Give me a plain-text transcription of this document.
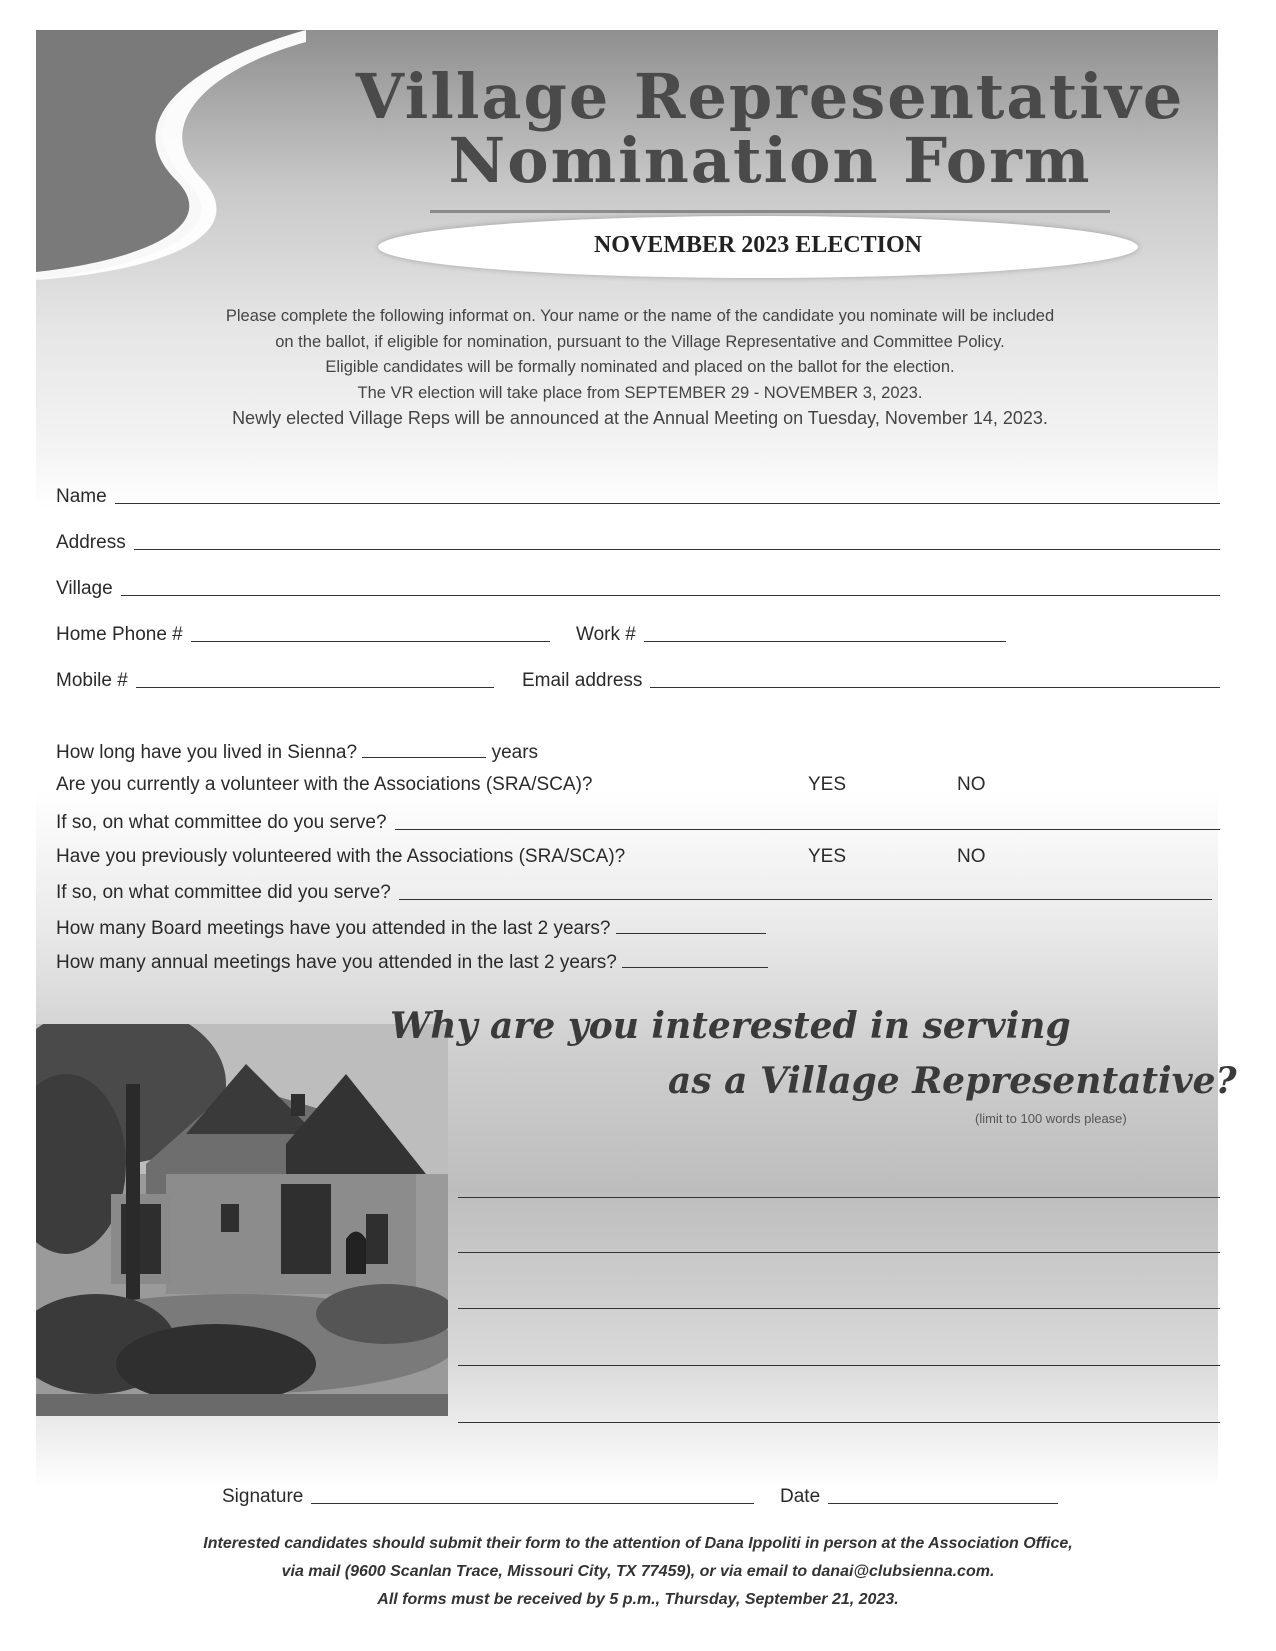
Village Representative
Nomination Form
NOVEMBER 2023 ELECTION
Please complete the following informat on. Your name or the name of the candidate you nominate will be included
on the ballot, if eligible for nomination, pursuant to the Village Representative and Committee Policy.
Eligible candidates will be formally nominated and placed on the ballot for the election.
The VR election will take place from SEPTEMBER 29 - NOVEMBER 3, 2023.
Newly elected Village Reps will be announced at the Annual Meeting on Tuesday, November 14, 2023.
Name
Address
Village
Home Phone #	Work #
Mobile #	Email address
How long have you lived in Sienna?	years
Are you currently a volunteer with the Associations (SRA/SCA)?	YES	NO
If so, on what committee do you serve?
Have you previously volunteered with the Associations (SRA/SCA)?	YES	NO
If so, on what committee did you serve?
How many Board meetings have you attended in the last 2 years?
How many annual meetings have you attended in the last 2 years?
Why are you interested in serving
as a Village Representative?
(limit to 100 words please)
Signature	Date
Interested candidates should submit their form to the attention of Dana Ippoliti in person at the Association Office,
via mail (9600 Scanlan Trace, Missouri City, TX 77459), or via email to danai@clubsienna.com.
All forms must be received by 5 p.m., Thursday, September 21, 2023.
